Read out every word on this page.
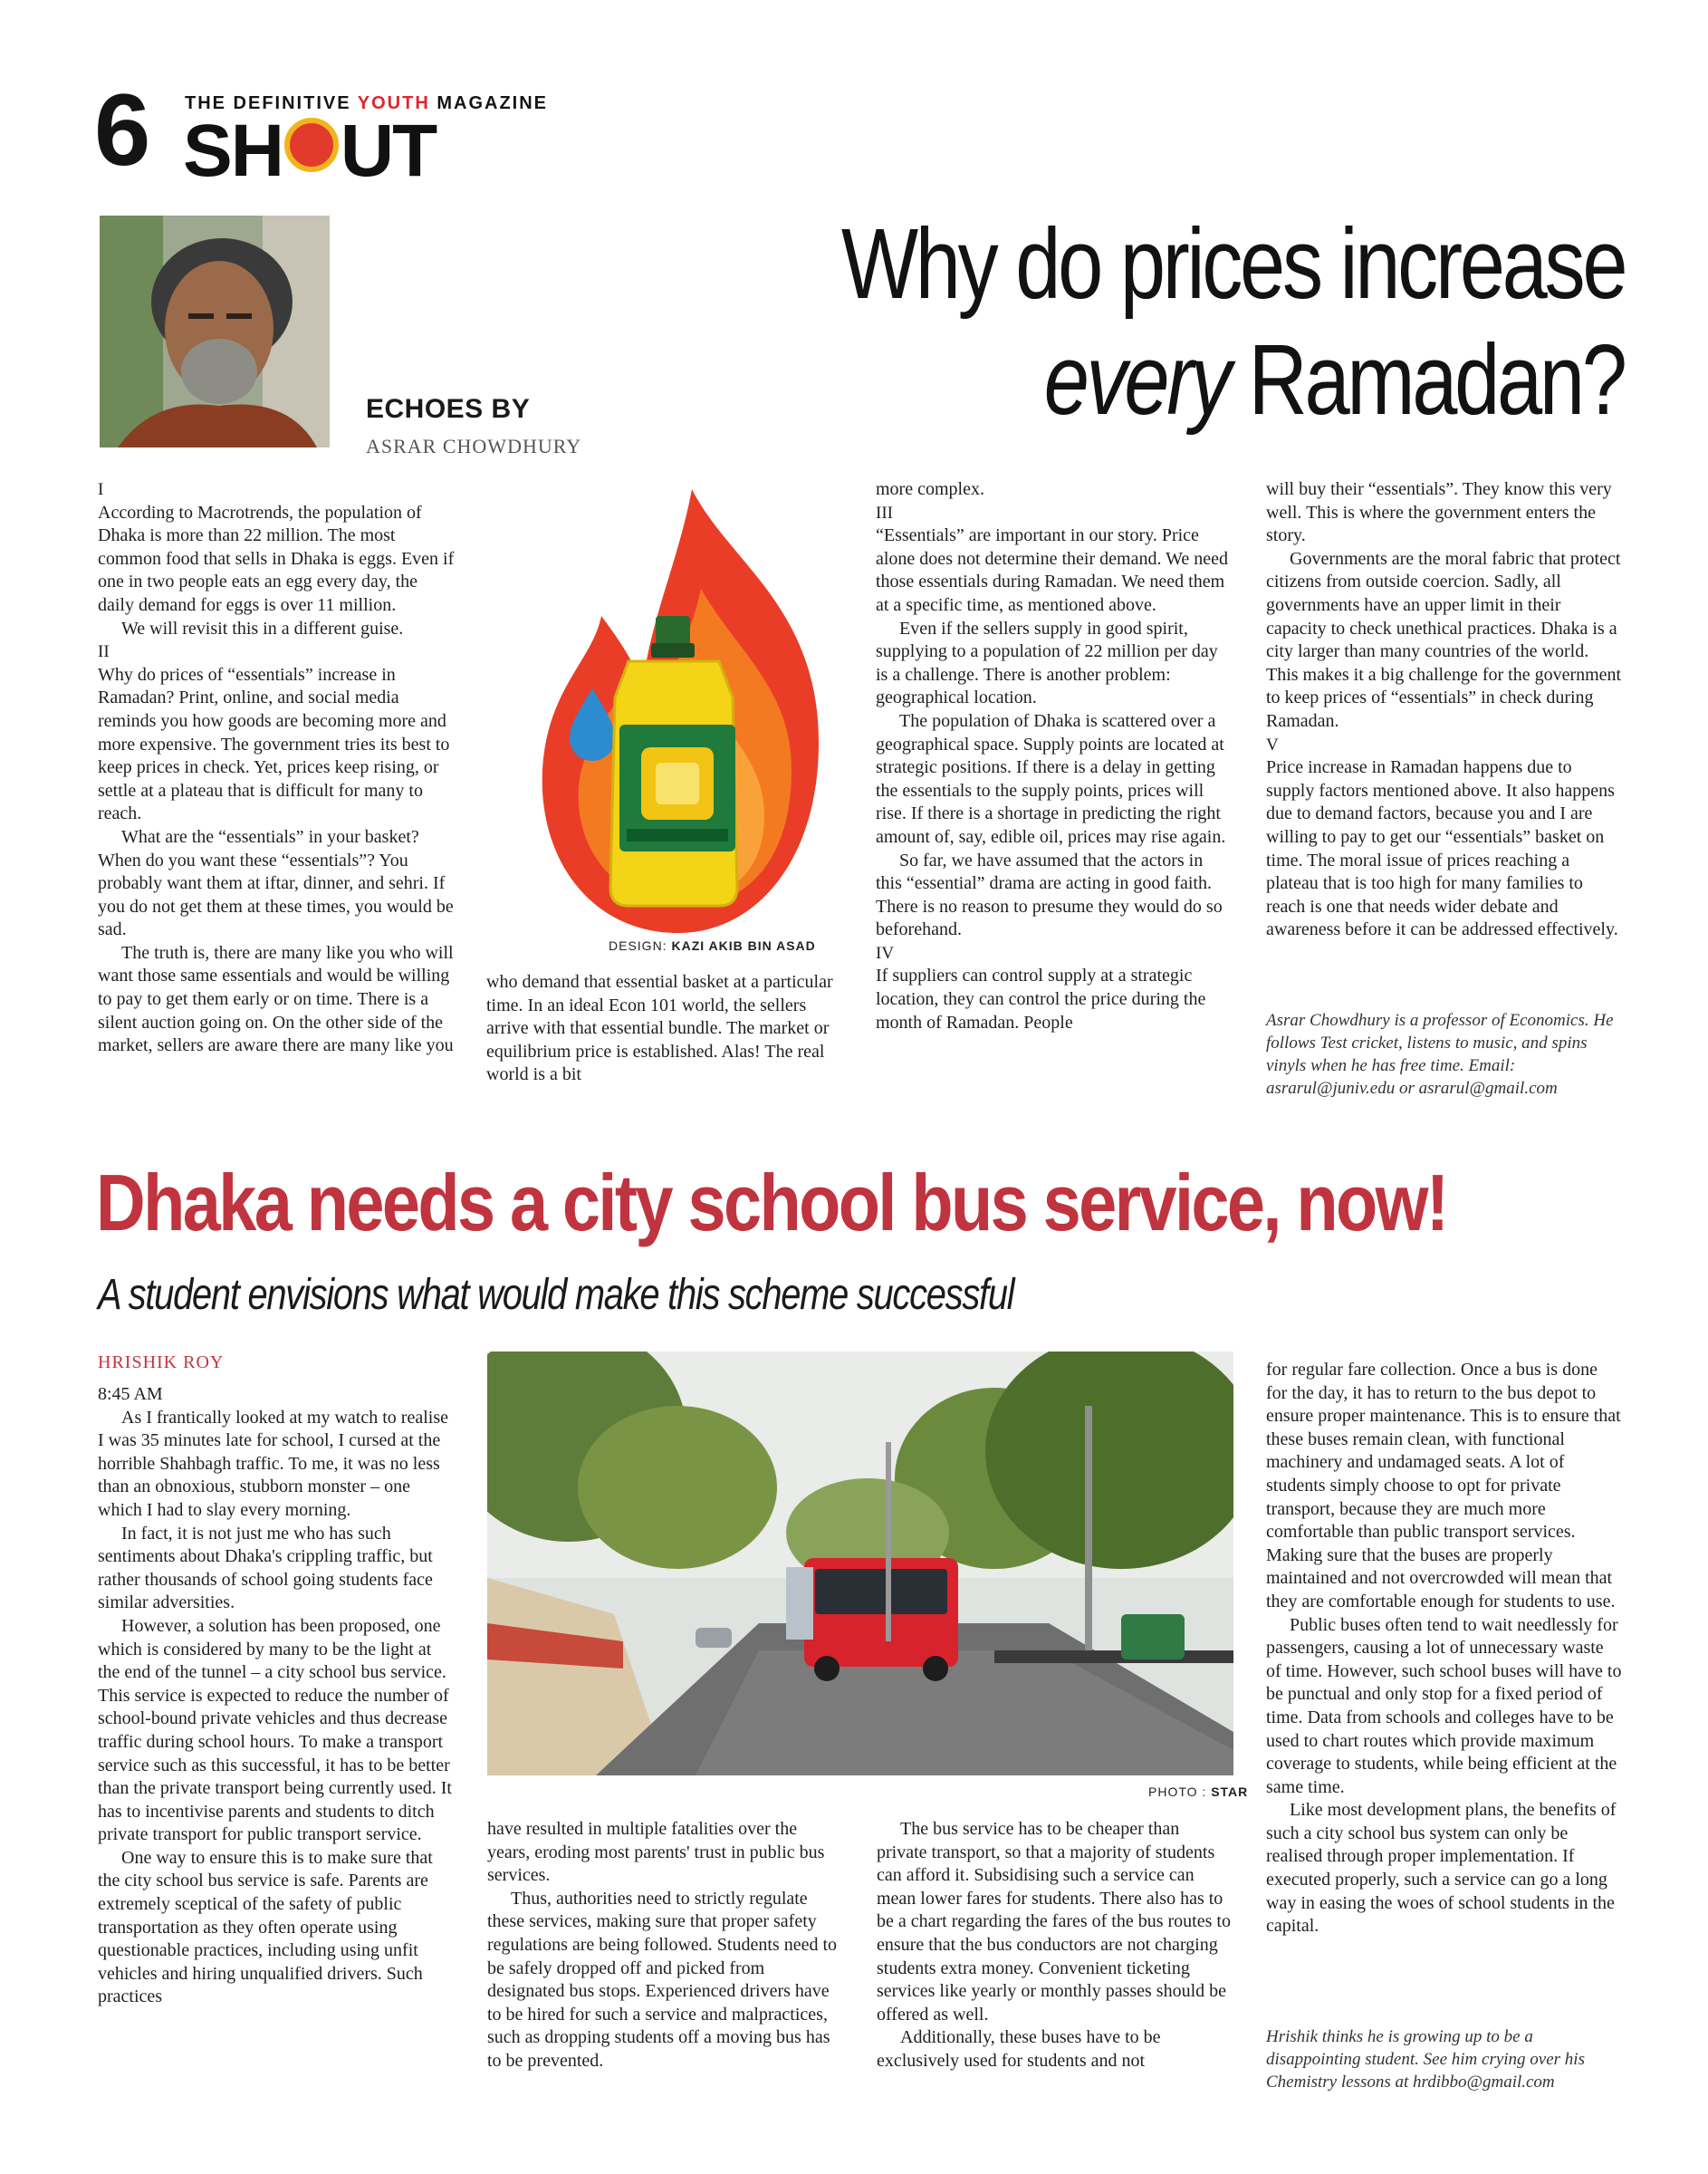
6 THE DEFINITIVE YOUTH MAGAZINE
SH UT
ECHOES BY
ASRAR CHOWDHURY
Why do prices increase
every Ramadan?
DESIGN: KAZI AKIB BIN ASAD

I

According to Macrotrends, the population of Dhaka is more than 22 million. The most common food that sells in Dhaka is eggs. Even if one in two people eats an egg every day, the daily demand for eggs is over 11 million.

We will revisit this in a different guise.

II

Why do prices of “essentials” increase in Ramadan? Print, online, and social media reminds you how goods are becoming more and more expensive. The government tries its best to keep prices in check. Yet, prices keep rising, or settle at a plateau that is difficult for many to reach.

What are the “essentials” in your basket? When do you want these “essentials”? You probably want them at iftar, dinner, and sehri. If you do not get them at these times, you would be sad.

The truth is, there are many like you who will want those same essentials and would be willing to pay to get them early or on time. There is a silent auction going on. On the other side of the market, sellers are aware there are many like you

who demand that essential basket at a particular time. In an ideal Econ 101 world, the sellers arrive with that essential bundle. The market or equilibrium price is established. Alas! The real world is a bit

more complex.

III

“Essentials” are important in our story. Price alone does not determine their demand. We need those essentials during Ramadan. We need them at a specific time, as mentioned above.

Even if the sellers supply in good spirit, supplying to a population of 22 million per day is a challenge. There is another problem: geographical location.

The population of Dhaka is scattered over a geographical space. Supply points are located at strategic positions. If there is a delay in getting the essentials to the supply points, prices will rise. If there is a shortage in predicting the right amount of, say, edible oil, prices may rise again.

So far, we have assumed that the actors in this “essential” drama are acting in good faith. There is no reason to presume they would do so beforehand.

IV

If suppliers can control supply at a strategic location, they can control the price during the month of Ramadan. People

will buy their “essentials”. They know this very well. This is where the government enters the story.

Governments are the moral fabric that protect citizens from outside coercion. Sadly, all governments have an upper limit in their capacity to check unethical practices. Dhaka is a city larger than many countries of the world. This makes it a big challenge for the government to keep prices of “essentials” in check during Ramadan.

V

Price increase in Ramadan happens due to supply factors mentioned above. It also happens due to demand factors, because you and I are willing to pay to get our “essentials” basket on time. The moral issue of prices reaching a plateau that is too high for many families to reach is one that needs wider debate and awareness before it can be addressed effectively.

Asrar Chowdhury is a professor of Economics. He follows Test cricket, listens to music, and spins vinyls when he has free time. Email: asrarul@juniv.edu or asrarul@gmail.com
Dhaka needs a city school bus service, now!
A student envisions what would make this scheme successful
HRISHIK ROY
PHOTO : STAR

8:45 AM

As I frantically looked at my watch to realise I was 35 minutes late for school, I cursed at the horrible Shahbagh traffic. To me, it was no less than an obnoxious, stubborn monster – one which I had to slay every morning.

In fact, it is not just me who has such sentiments about Dhaka's crippling traffic, but rather thousands of school going students face similar adversities.

However, a solution has been proposed, one which is considered by many to be the light at the end of the tunnel – a city school bus service. This service is expected to reduce the number of school-bound private vehicles and thus decrease traffic during school hours. To make a transport service such as this successful, it has to be better than the private transport being currently used. It has to incentivise parents and students to ditch private transport for public transport service.

One way to ensure this is to make sure that the city school bus service is safe. Parents are extremely sceptical of the safety of public transportation as they often operate using questionable practices, including using unfit vehicles and hiring unqualified drivers. Such practices

have resulted in multiple fatalities over the years, eroding most parents' trust in public bus services.

Thus, authorities need to strictly regulate these services, making sure that proper safety regulations are being followed. Students need to be safely dropped off and picked from designated bus stops. Experienced drivers have to be hired for such a service and malpractices, such as dropping students off a moving bus has to be prevented.

The bus service has to be cheaper than private transport, so that a majority of students can afford it. Subsidising such a service can mean lower fares for students. There also has to be a chart regarding the fares of the bus routes to ensure that the bus conductors are not charging students extra money. Convenient ticketing services like yearly or monthly passes should be offered as well.

Additionally, these buses have to be exclusively used for students and not

for regular fare collection. Once a bus is done for the day, it has to return to the bus depot to ensure proper maintenance. This is to ensure that these buses remain clean, with functional machinery and undamaged seats. A lot of students simply choose to opt for private transport, because they are much more comfortable than public transport services. Making sure that the buses are properly maintained and not overcrowded will mean that they are comfortable enough for students to use.

Public buses often tend to wait needlessly for passengers, causing a lot of unnecessary waste of time. However, such school buses will have to be punctual and only stop for a fixed period of time. Data from schools and colleges have to be used to chart routes which provide maximum coverage to students, while being efficient at the same time.

Like most development plans, the benefits of such a city school bus system can only be realised through proper implementation. If executed properly, such a service can go a long way in easing the woes of school students in the capital.

Hrishik thinks he is growing up to be a disappointing student. See him crying over his Chemistry lessons at hrdibbo@gmail.com
